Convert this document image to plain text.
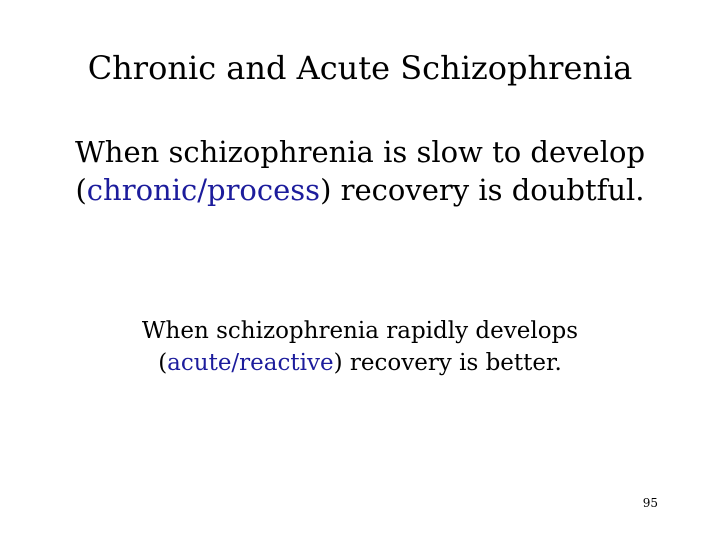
Chronic and Acute Schizophrenia
When schizophrenia is slow to develop
(chronic/process) recovery is doubtful.
When schizophrenia rapidly develops
(acute/reactive) recovery is better.
95
